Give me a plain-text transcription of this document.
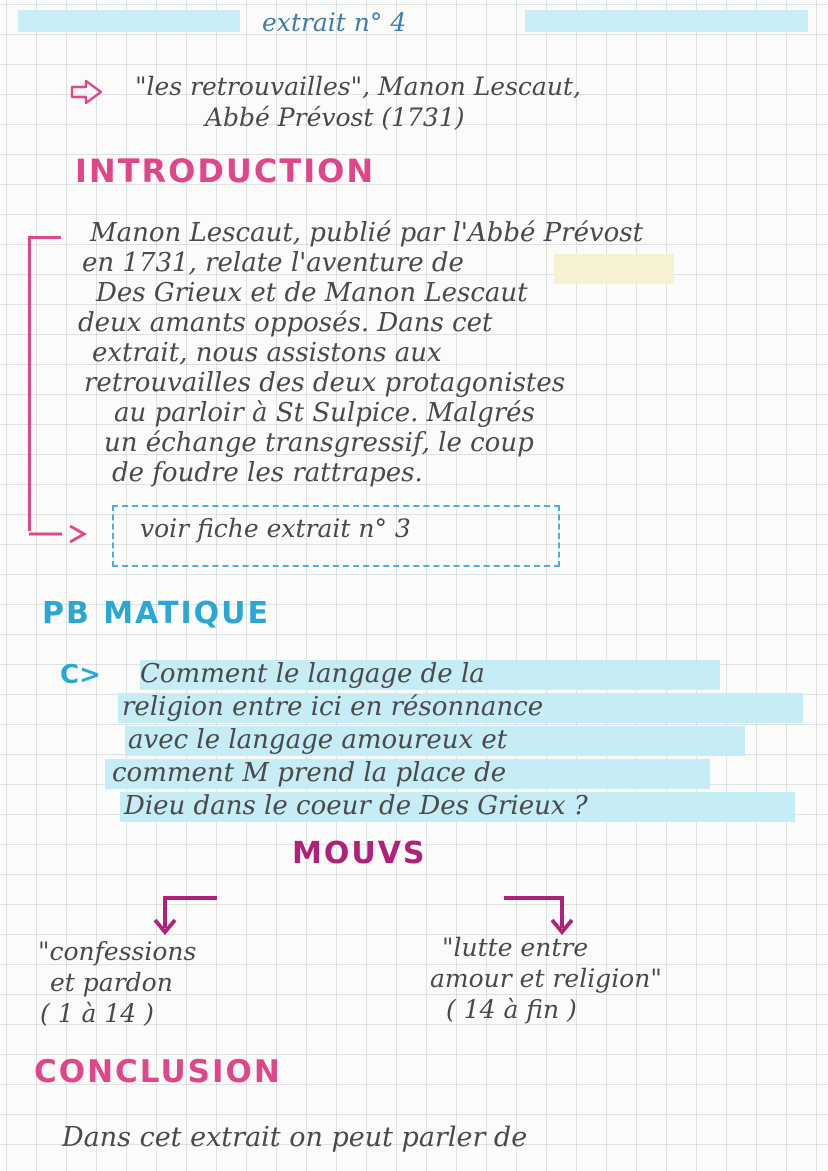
extrait n° 4
"les retrouvailles", Manon Lescaut,
Abbé Prévost (1731)
INTRODUCTION
Manon Lescaut, publié par l'Abbé Prévost
en 1731, relate l'aventure de
Des Grieux et de Manon Lescaut
deux amants opposés. Dans cet
extrait, nous assistons aux
retrouvailles des deux protagonistes
au parloir à St Sulpice. Malgrés
un échange transgressif, le coup
de foudre les rattrapes.
voir fiche extrait n° 3
PB MATIQUE
C> Comment le langage de la
religion entre ici en résonnance
avec le langage amoureux et
comment M prend la place de
Dieu dans le coeur de Des Grieux ?
MOUVS
"confessions
et pardon
( 1 à 14 )
"lutte entre
amour et religion"
( 14 à fin )
CONCLUSION
Dans cet extrait on peut parler de
